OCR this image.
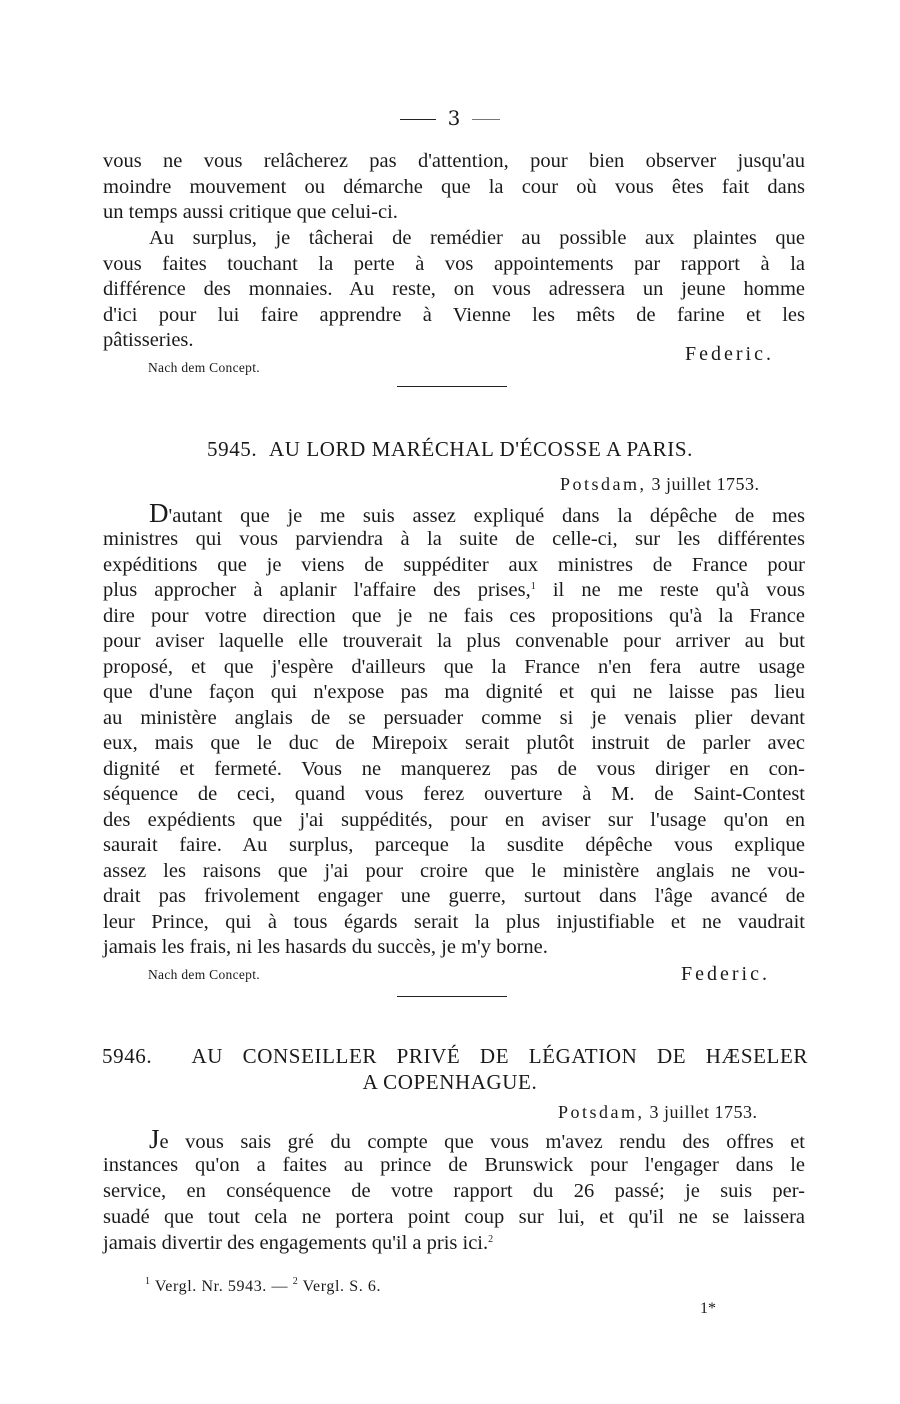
3
vous ne vous relâcherez pas d'attention, pour bien observer jusqu'au
moindre mouvement ou démarche que la cour où vous êtes fait dans
un temps aussi critique que celui-ci.
Au surplus, je tâcherai de remédier au possible aux plaintes que
vous faites touchant la perte à vos appointements par rapport à la
différence des monnaies. Au reste, on vous adressera un jeune homme
d'ici pour lui faire apprendre à Vienne les mêts de farine et les
pâtisseries.
Nach dem Concept.
Federic.
5945. AU LORD MARÉCHAL D'ÉCOSSE A PARIS.
Potsdam, 3 juillet 1753.
D'autant que je me suis assez expliqué dans la dépêche de mes
ministres qui vous parviendra à la suite de celle-ci, sur les différentes
expéditions que je viens de suppéditer aux ministres de France pour
plus approcher à aplanir l'affaire des prises,$^1$ il ne me reste qu'à vous
dire pour votre direction que je ne fais ces propositions qu'à la France
pour aviser laquelle elle trouverait la plus convenable pour arriver au but
proposé, et que j'espère d'ailleurs que la France n'en fera autre usage
que d'une façon qui n'expose pas ma dignité et qui ne laisse pas lieu
au ministère anglais de se persuader comme si je venais plier devant
eux, mais que le duc de Mirepoix serait plutôt instruit de parler avec
dignité et fermeté. Vous ne manquerez pas de vous diriger en con-
séquence de ceci, quand vous ferez ouverture à M. de Saint-Contest
des expédients que j'ai suppédités, pour en aviser sur l'usage qu'on en
saurait faire. Au surplus, parceque la susdite dépêche vous explique
assez les raisons que j'ai pour croire que le ministère anglais ne vou-
drait pas frivolement engager une guerre, surtout dans l'âge avancé de
leur Prince, qui à tous égards serait la plus injustifiable et ne vaudrait
jamais les frais, ni les hasards du succès, je m'y borne.
Nach dem Concept.	Federic.
5946. AU CONSEILLER PRIVÉ DE LÉGATION DE HÆSELER
A COPENHAGUE.
Potsdam, 3 juillet 1753.
Je vous sais gré du compte que vous m'avez rendu des offres et
instances qu'on a faites au prince de Brunswick pour l'engager dans le
service, en conséquence de votre rapport du 26 passé; je suis per-
suadé que tout cela ne portera point coup sur lui, et qu'il ne se laissera
jamais divertir des engagements qu'il a pris ici.$^2$
$^1$ Vergl. Nr. 5943. — $^2$ Vergl. S. 6.
1*
